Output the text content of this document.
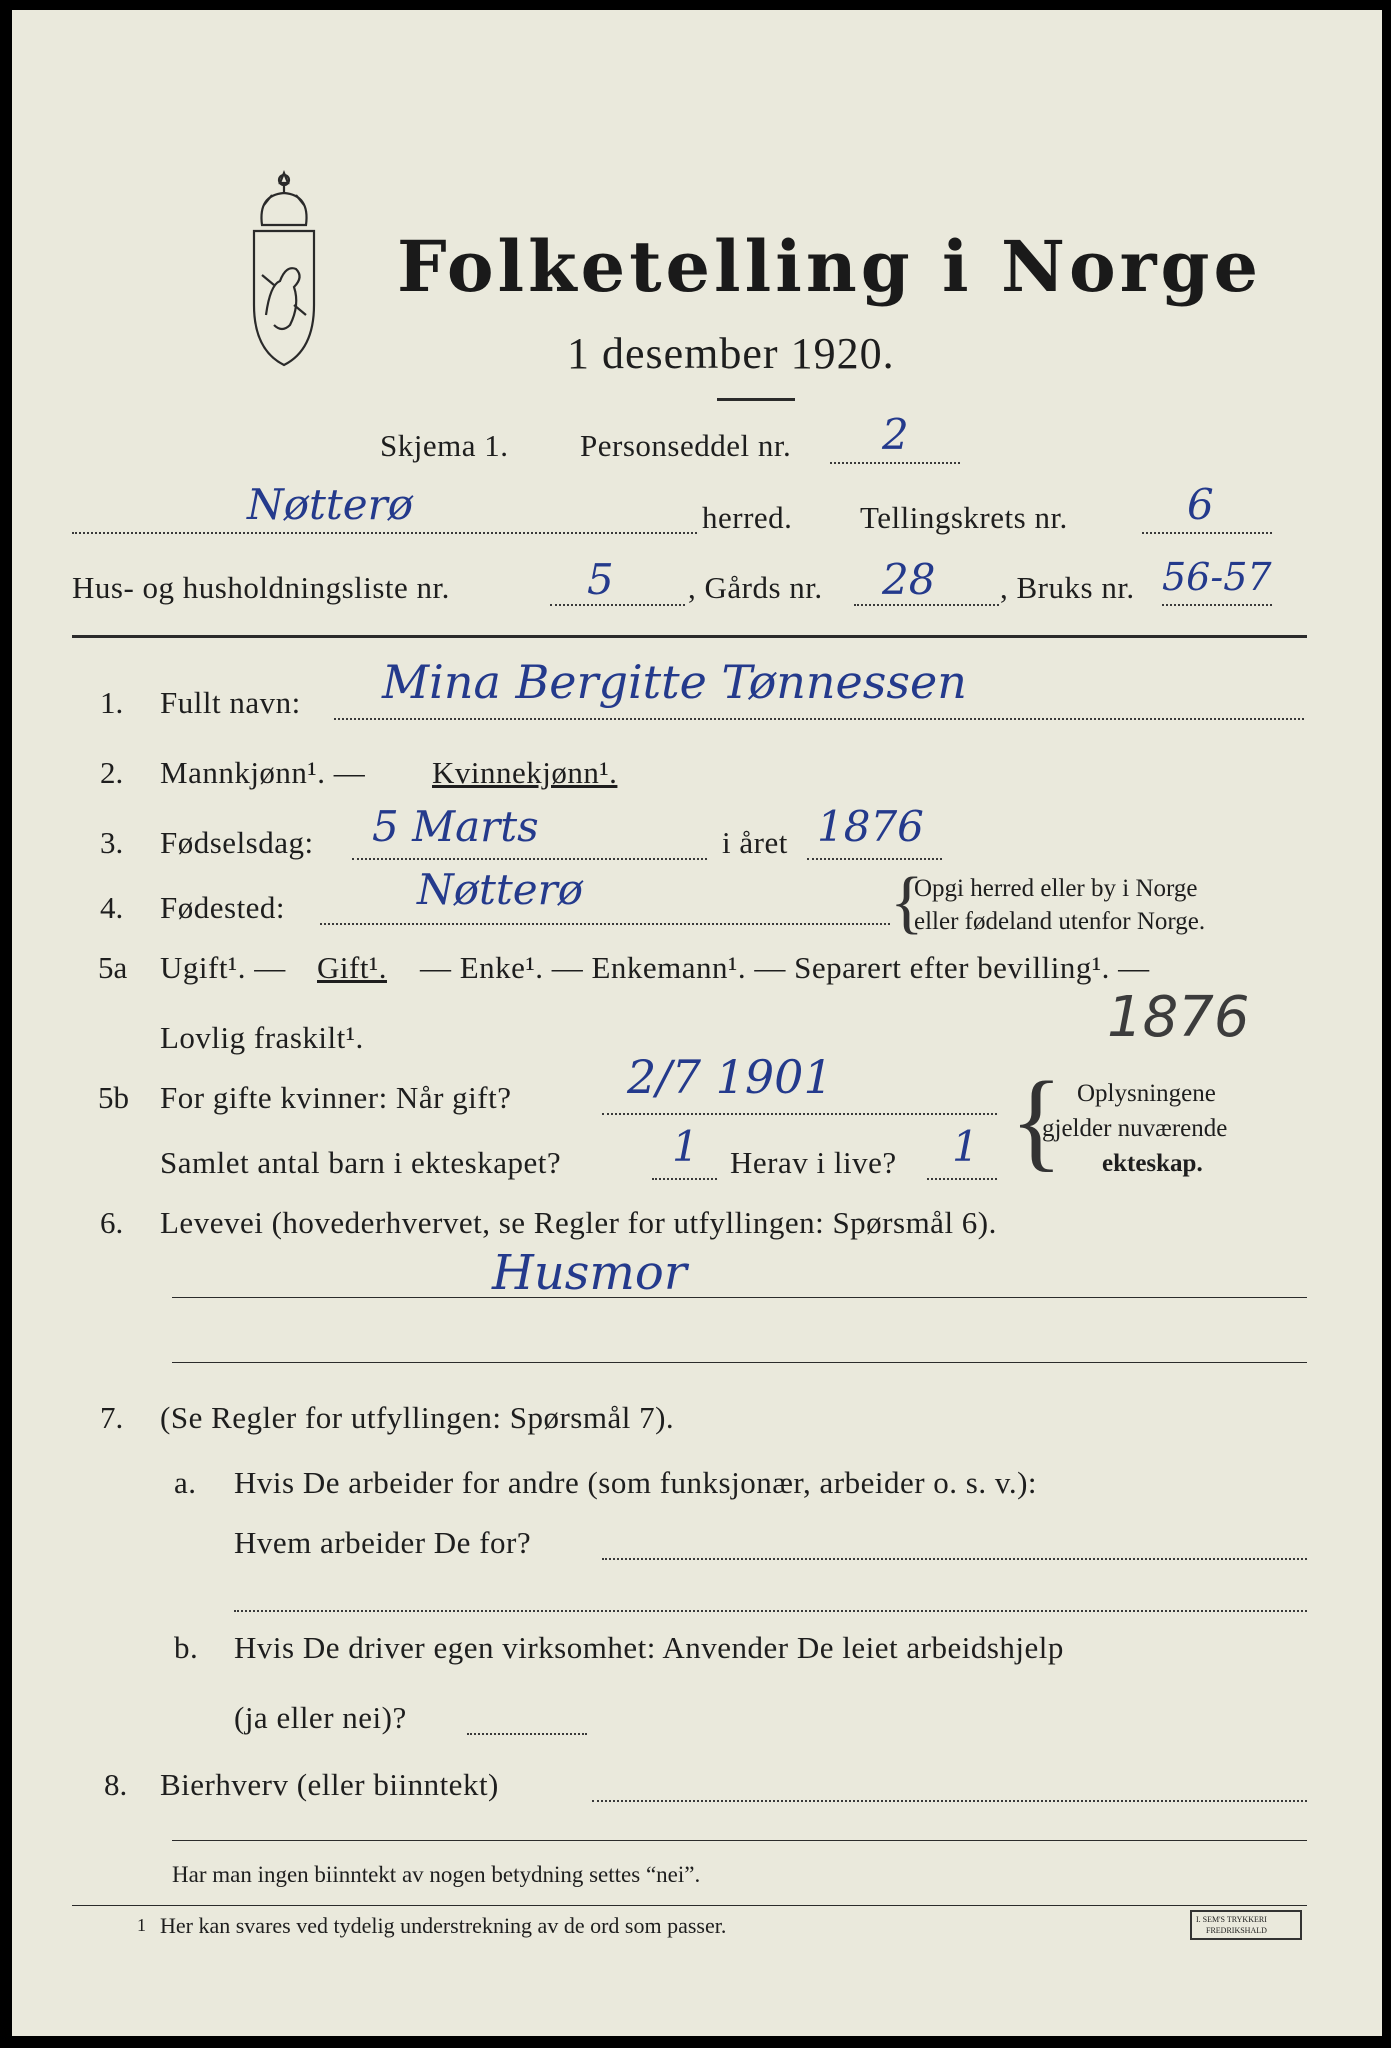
Folketelling i Norge
1 desember 1920.
Skjema 1. Personseddel nr. 2
Nøtterø	herred. Tellingskrets nr.	6
Hus- og husholdningsliste nr.	5 , Gårds nr. 28 , Bruks nr. 56-57
1. Fullt navn: Mina Bergitte Tønnessen
2. Mannkjønn¹. — Kvinnekjønn¹.
3. Fødselsdag: 5 Marts	i året 1876
4. Fødested:	Nøtterø	{
Opgi herred eller by i Norge
eller fødeland utenfor Norge.
5a Ugift¹. — Gift¹. — Enke¹. — Enkemann¹. — Separert efter bevilling¹. —
Lovlig fraskilt¹.	1876
5b For gifte kvinner: Når gift?	2/7 1901
Samlet antal barn i ekteskapet?	1 Herav i live? 1 { Oplysningene
gjelder nuværende
ekteskap.
6. Levevei (hovederhvervet, se Regler for utfyllingen: Spørsmål 6).
Husmor
7. (Se Regler for utfyllingen: Spørsmål 7).
a. Hvis De arbeider for andre (som funksjonær, arbeider o. s. v.):
Hvem arbeider De for?
b. Hvis De driver egen virksomhet: Anvender De leiet arbeidshjelp
(ja eller nei)?
8. Bierhverv (eller biinntekt)
Har man ingen biinntekt av nogen betydning settes “nei”.
1 Her kan svares ved tydelig understrekning av de ord som passer.	I. SEM'S TRYKKERI
FREDRIKSHALD
